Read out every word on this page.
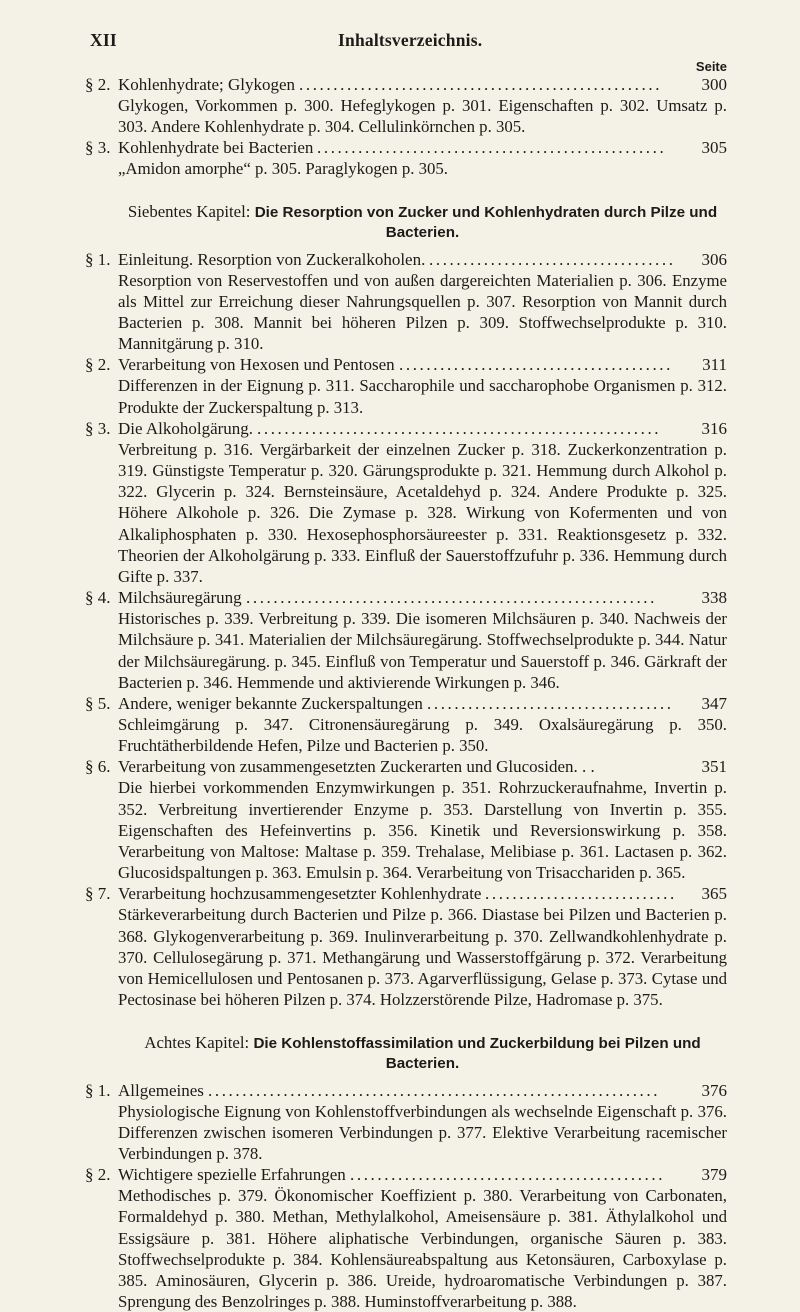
XII	Inhaltsverzeichnis.
Seite
§ 2. Kohlenhydrate; Glykogen ..................................................... 300

Glykogen, Vorkommen p. 300. Hefeglykogen p. 301. Eigenschaften p. 302. Umsatz p. 303. Andere Kohlenhydrate p. 304. Cellulinkörnchen p. 305.

§ 3. Kohlenhydrate bei Bacterien ................................................... 305

„Amidon amorphe“ p. 305. Paraglykogen p. 305.

Siebentes Kapitel: Die Resorption von Zucker und Kohlenhydraten durch Pilze und Bacterien.
§ 1. Einleitung. Resorption von Zuckeralkoholen. .................................... 306

Resorption von Reservestoffen und von außen dargereichten Materialien p. 306. Enzyme als Mittel zur Erreichung dieser Nahrungsquellen p. 307. Resorption von Mannit durch Bacterien p. 308. Mannit bei höheren Pilzen p. 309. Stoffwechselprodukte p. 310. Mannitgärung p. 310.

§ 2. Verarbeitung von Hexosen und Pentosen ........................................ 311

Differenzen in der Eignung p. 311. Saccharophile und saccharophobe Organismen p. 312. Produkte der Zuckerspaltung p. 313.

§ 3. Die Alkoholgärung. ........................................................... 316

Verbreitung p. 316. Vergärbarkeit der einzelnen Zucker p. 318. Zuckerkonzentration p. 319. Günstigste Temperatur p. 320. Gärungsprodukte p. 321. Hemmung durch Alkohol p. 322. Glycerin p. 324. Bernsteinsäure, Acetaldehyd p. 324. Andere Produkte p. 325. Höhere Alkohole p. 326. Die Zymase p. 328. Wirkung von Kofermenten und von Alkaliphosphaten p. 330. Hexosephosphorsäureester p. 331. Reaktionsgesetz p. 332. Theorien der Alkoholgärung p. 333. Einfluß der Sauerstoffzufuhr p. 336. Hemmung durch Gifte p. 337.

§ 4. Milchsäuregärung ............................................................	338

Historisches p. 339. Verbreitung p. 339. Die isomeren Milchsäuren p. 340. Nachweis der Milchsäure p. 341. Materialien der Milchsäuregärung. Stoffwechselprodukte p. 344. Natur der Milchsäuregärung. p. 345. Einfluß von Temperatur und Sauerstoff p. 346. Gärkraft der Bacterien p. 346. Hemmende und aktivierende Wirkungen p. 346.

§ 5. Andere, weniger bekannte Zuckerspaltungen .................................... 347

Schleimgärung p. 347. Citronensäuregärung p. 349. Oxalsäuregärung p. 350. Fruchtätherbildende Hefen, Pilze und Bacterien p. 350.

§ 6. Verarbeitung von zusammengesetzten Zuckerarten und Glucosiden. . .	351

Die hierbei vorkommenden Enzymwirkungen p. 351. Rohrzuckeraufnahme, Invertin p. 352. Verbreitung invertierender Enzyme p. 353. Darstellung von Invertin p. 355. Eigenschaften des Hefeinvertins p. 356. Kinetik und Reversionswirkung p. 358. Verarbeitung von Maltose: Maltase p. 359. Trehalase, Melibiase p. 361. Lactasen p. 362. Glucosidspaltungen p. 363. Emulsin p. 364. Verarbeitung von Trisacchariden p. 365.

§ 7. Verarbeitung hochzusammengesetzter Kohlenhydrate ............................ 365

Stärkeverarbeitung durch Bacterien und Pilze p. 366. Diastase bei Pilzen und Bacterien p. 368. Glykogenverarbeitung p. 369. Inulinverarbeitung p. 370. Zellwandkohlenhydrate p. 370. Cellulosegärung p. 371. Methangärung und Wasserstoffgärung p. 372. Verarbeitung von Hemicellulosen und Pentosanen p. 373. Agarverflüssigung, Gelase p. 373. Cytase und Pectosinase bei höheren Pilzen p. 374. Holzzerstörende Pilze, Hadromase p. 375.

Achtes Kapitel: Die Kohlenstoffassimilation und Zuckerbildung bei Pilzen und Bacterien.
§ 1. Allgemeines .................................................................. 376

Physiologische Eignung von Kohlenstoffverbindungen als wechselnde Eigenschaft p. 376. Differenzen zwischen isomeren Verbindungen p. 377. Elektive Verarbeitung racemischer Verbindungen p. 378.

§ 2. Wichtigere spezielle Erfahrungen .............................................. 379

Methodisches p. 379. Ökonomischer Koeffizient p. 380. Verarbeitung von Carbonaten, Formaldehyd p. 380. Methan, Methylalkohol, Ameisensäure p. 381. Äthylalkohol und Essigsäure p. 381. Höhere aliphatische Verbindungen, organische Säuren p. 383. Stoffwechselprodukte p. 384. Kohlensäureabspaltung aus Ketonsäuren, Carboxylase p. 385. Aminosäuren, Glycerin p. 386. Ureide, hydroaromatische Verbindungen p. 387. Sprengung des Benzolringes p. 388. Huminstoffverarbeitung p. 388.
